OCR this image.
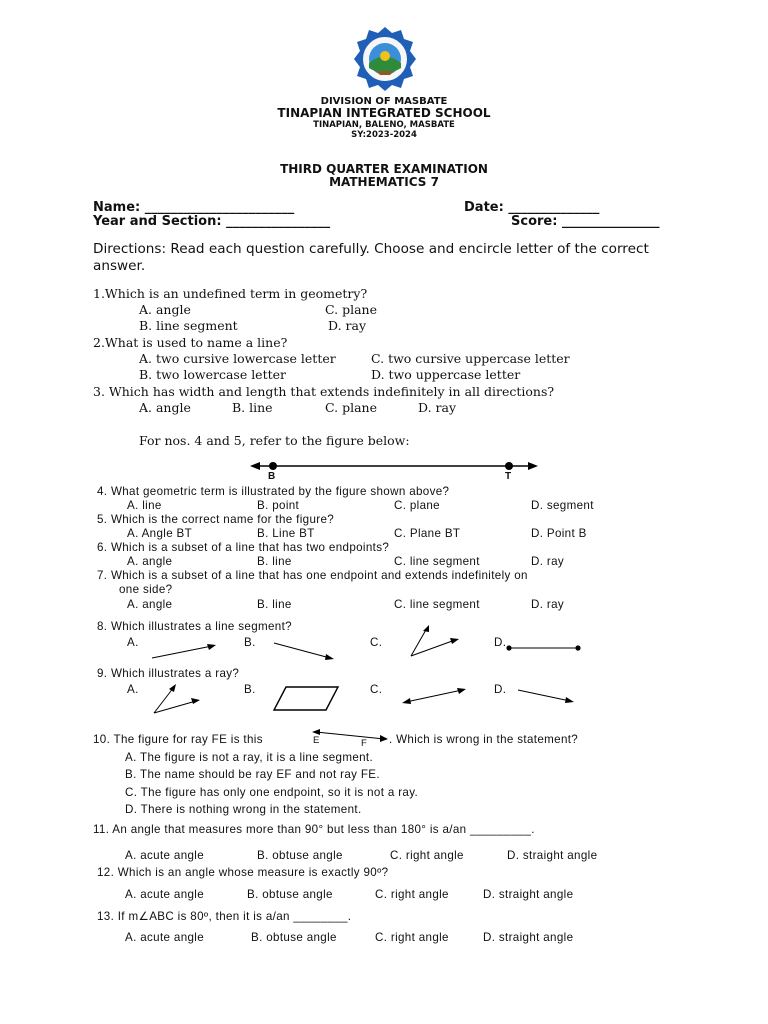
DIVISION OF MASBATE
TINAPIAN INTEGRATED SCHOOL
TINAPIAN, BALENO, MASBATE
SY:2023-2024
THIRD QUARTER EXAMINATION
MATHEMATICS 7
Name: _______________________	Date: ______________
Year and Section: ________________	Score: _______________
Directions: Read each question carefully. Choose and encircle letter of the correct
answer.
1.Which is an undefined term in geometry?
A. angle	C. plane
B. line segment	D. ray
2.What is used to name a line?
A. two cursive lowercase letter	C. two cursive uppercase letter
B. two lowercase letter	D. two uppercase letter
3. Which has width and length that extends indefinitely in all directions?
A. angle	B. line	C. plane	D. ray
For nos. 4 and 5, refer to the figure below:
B	T
4. What geometric term is illustrated by the figure shown above?
A. line	B. point	C. plane	D. segment
5. Which is the correct name for the figure?
A. Angle BT	B. Line BT	C. Plane BT	D. Point B
6. Which is a subset of a line that has two endpoints?
A. angle	B. line	C. line segment	D. ray
7. Which is a subset of a line that has one endpoint and extends indefinitely on
one side?
A. angle	B. line	C. line segment	D. ray
8. Which illustrates a line segment?
A.	B.	C.	D.
9. Which illustrates a ray?
A.	B.	C.	D.
10. The figure for ray FE is this	E	F . Which is wrong in the statement?
A. The figure is not a ray, it is a line segment.
B. The name should be ray EF and not ray FE.
C. The figure has only one endpoint, so it is not a ray.
D. There is nothing wrong in the statement.
11. An angle that measures more than 90° but less than 180° is a/an _________.
A. acute angle	B. obtuse angle	C. right angle	D. straight angle
12. Which is an angle whose measure is exactly 90º?
A. acute angle	B. obtuse angle	C. right angle	D. straight angle
13. If m∠ABC is 80º, then it is a/an ________.
A. acute angle	B. obtuse angle	C. right angle	D. straight angle
